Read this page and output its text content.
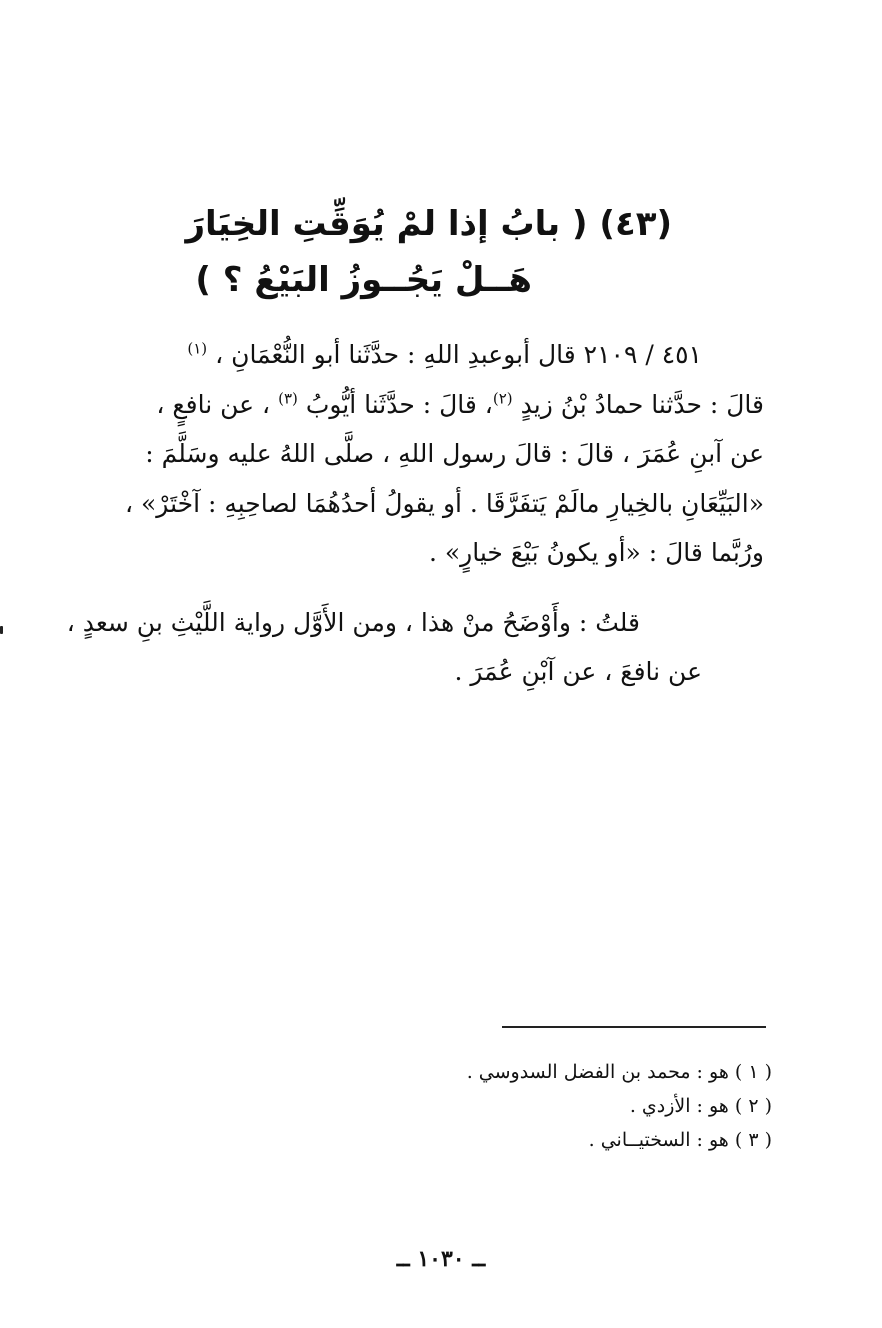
(٤٣) ( بابُ إذا لمْ يُوَقِّتِ الخِيَارَ
هَــلْ يَجُــوزُ البَيْعُ ؟ )

٤٥١ / ٢١٠٩ قال أبوعبدِ اللهِ : حدَّثَنا أبو النُّعْمَانِ ، $^{(١)}$
قالَ : حدَّثنا حمادُ بْنُ زيدٍ $^{(٢)}$، قالَ : حدَّثَنا أيُّوبُ $^{(٣)}$ ، عن نافعٍ ،
عن آبنِ عُمَرَ ، قالَ : قالَ رسول اللهِ ، صلَّى اللهُ عليه وسَلَّمَ :
«البَيِّعَانِ بالخِيارِ مالَمْ يَتفَرَّقَا . أو يقولُ أحدُهُمَا لصاحِبِهِ : آخْتَرْ» ،
ورُبَّما قالَ : «أو يكونُ بَيْعَ خيارٍ» .

قلتُ : وأَوْضَحُ منْ هذا ، ومن الأَوَّل رواية اللَّيْثِ بنِ سعدٍ ،
عن نافعَ ، عن آبْنِ عُمَرَ .

( ١ ) هو : محمد بن الفضل السدوسي .
( ٢ ) هو : الأزدي .
( ٣ ) هو : السختيــاني .
ــ ١٠٣٠ ــ
